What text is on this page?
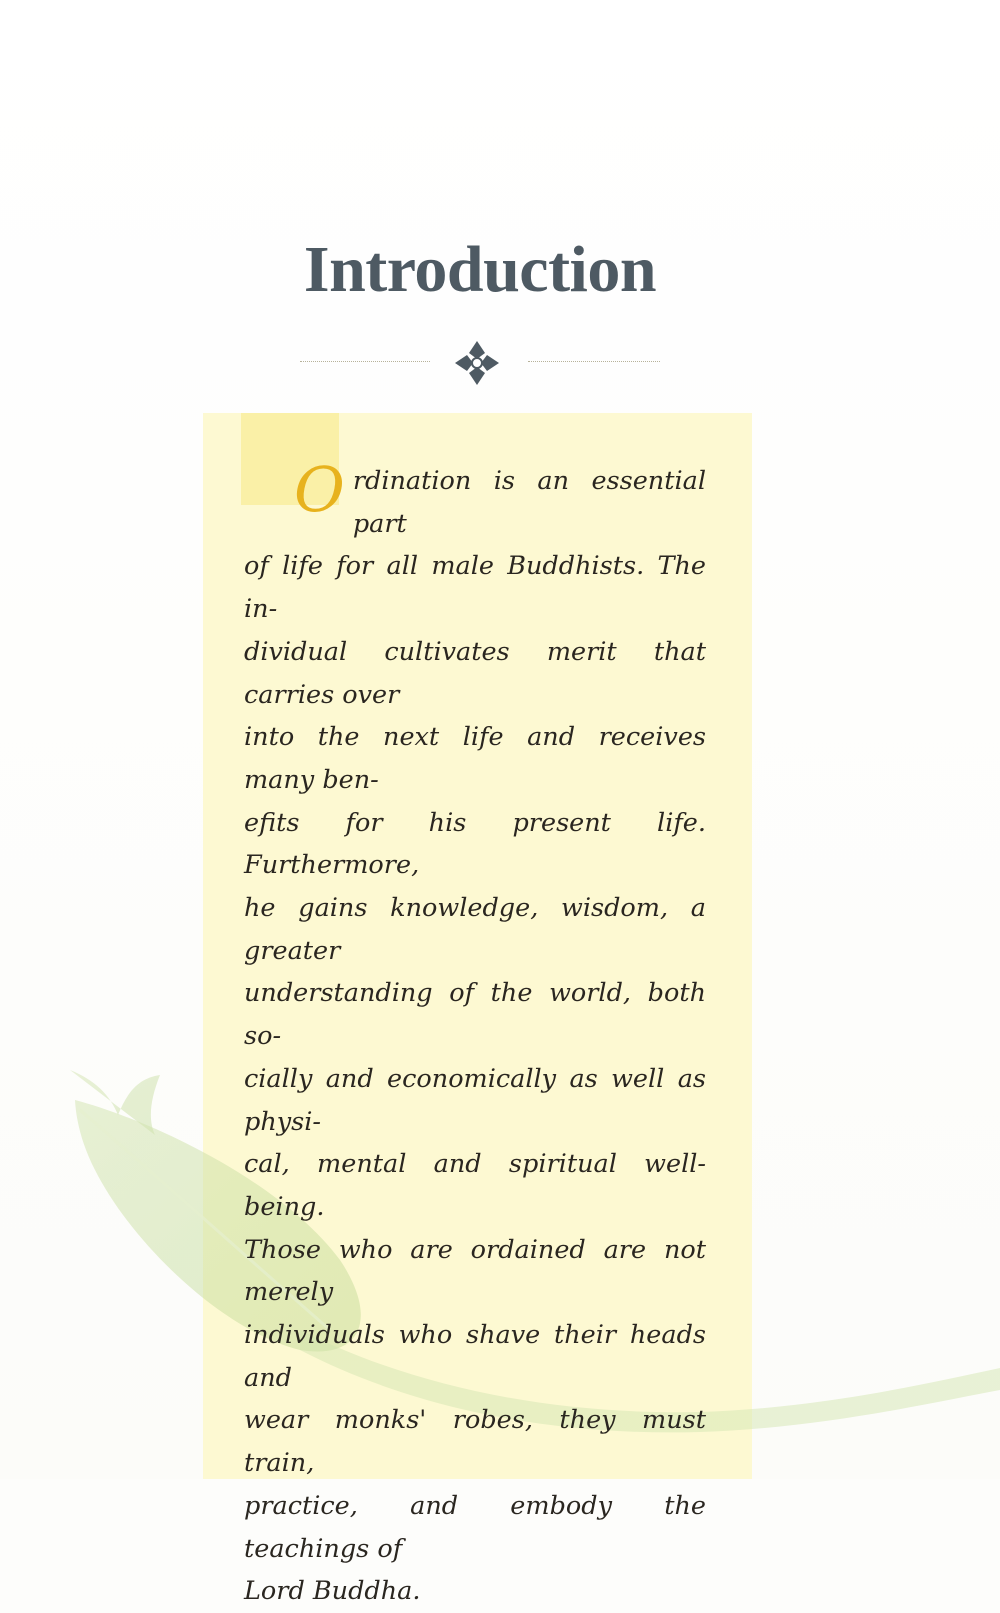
Introduction
O rdination is an essential part
of life for all male Buddhists. The in-
dividual cultivates merit that carries over
into the next life and receives many ben-
efits for his present life. Furthermore,
he gains knowledge, wisdom, a greater
understanding of the world, both so-
cially and economically as well as physi-
cal, mental and spiritual well-being.
Those who are ordained are not merely
individuals who shave their heads and
wear monks' robes, they must train,
practice, and embody the teachings of
Lord Buddha.
